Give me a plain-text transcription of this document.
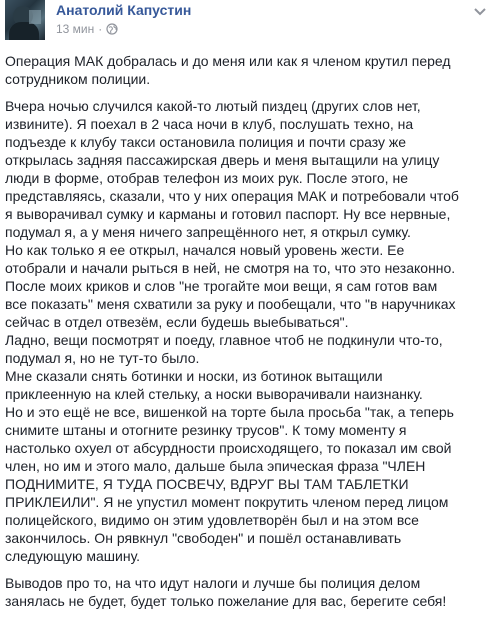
Анатолий Капустин
13 мин ·

Операция МАК добралась и до меня или как я членом крутил перед
сотрудником полиции.

Вчера ночью случился какой-то лютый пиздец (других слов нет,
извините). Я поехал в 2 часа ночи в клуб, послушать техно, на
подъезде к клубу такси остановила полиция и почти сразу же
открылась задняя пассажирская дверь и меня вытащили на улицу
люди в форме, отобрав телефон из моих рук. После этого, не
представляясь, сказали, что у них операция МАК и потребовали чтоб
я выворачивал сумку и карманы и готовил паспорт. Ну все нервные,
подумал я, а у меня ничего запрещённого нет, я открыл сумку.
Но как только я ее открыл, начался новый уровень жести. Ее
отобрали и начали рыться в ней, не смотря на то, что это незаконно.
После моих криков и слов "не трогайте мои вещи, я сам готов вам
все показать" меня схватили за руку и пообещали, что "в наручниках
сейчас в отдел отвезём, если будешь выебываться".
Ладно, вещи посмотрят и поеду, главное чтоб не подкинули что-то,
подумал я, но не тут-то было.
Мне сказали снять ботинки и носки, из ботинок вытащили
приклеенную на клей стельку, а носки выворачивали наизнанку.
Но и это ещё не все, вишенкой на торте была просьба "так, а теперь
снимите штаны и отогните резинку трусов". К тому моменту я
настолько охуел от абсурдности происходящего, то показал им свой
член, но им и этого мало, дальше была эпическая фраза "ЧЛЕН
ПОДНИМИТЕ, Я ТУДА ПОСВЕЧУ, ВДРУГ ВЫ ТАМ ТАБЛЕТКИ
ПРИКЛЕИЛИ". Я не упустил момент покрутить членом перед лицом
полицейского, видимо он этим удовлетворён был и на этом все
закончилось. Он рявкнул "свободен" и пошёл останавливать
следующую машину.

Выводов про то, на что идут налоги и лучше бы полиция делом
занялась не будет, будет только пожелание для вас, берегите себя!
